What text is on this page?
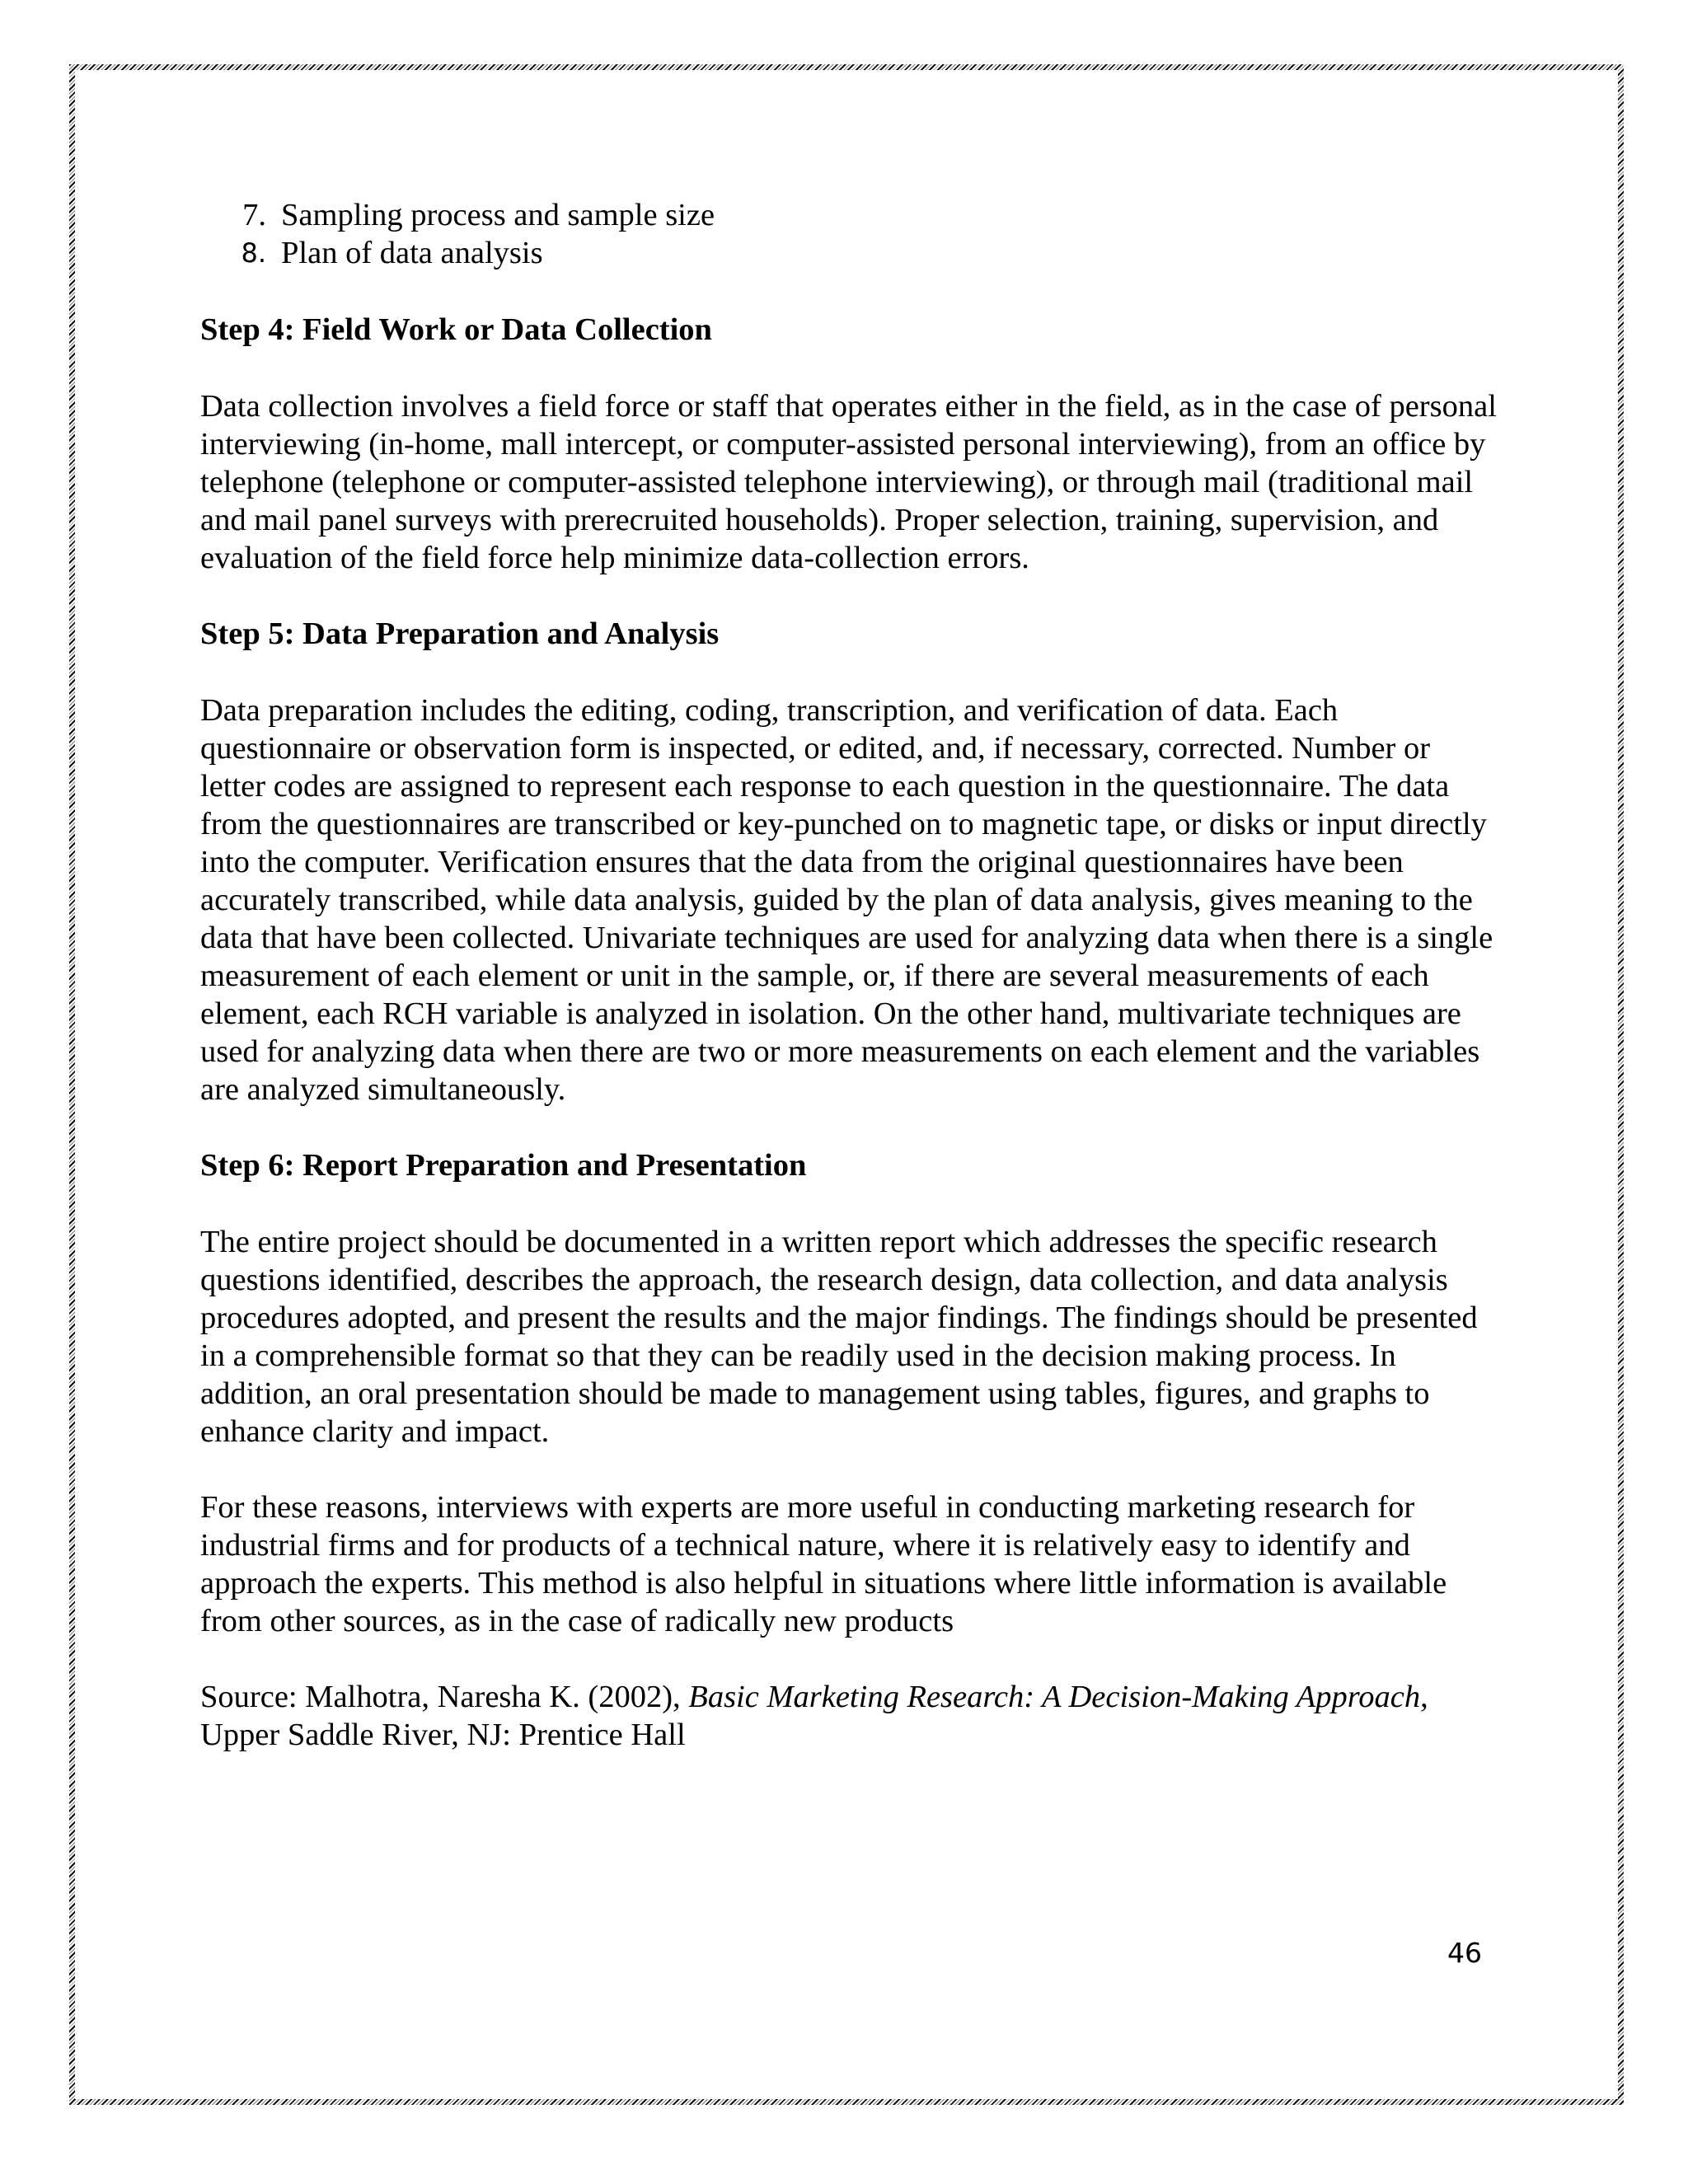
7. Sampling process and sample size
8. Plan of data analysis
Step 4: Field Work or Data Collection

Data collection involves a field force or staff that operates either in the field, as in the case of personal interviewing (in-home, mall intercept, or computer-assisted personal interviewing), from an office by telephone (telephone or computer-assisted telephone interviewing), or through mail (traditional mail and mail panel surveys with prerecruited households). Proper selection, training, supervision, and evaluation of the field force help minimize data-collection errors.

Step 5: Data Preparation and Analysis

Data preparation includes the editing, coding, transcription, and verification of data. Each questionnaire or observation form is inspected, or edited, and, if necessary, corrected. Number or letter codes are assigned to represent each response to each question in the questionnaire. The data from the questionnaires are transcribed or key-punched on to magnetic tape, or disks or input directly into the computer. Verification ensures that the data from the original questionnaires have been accurately transcribed, while data analysis, guided by the plan of data analysis, gives meaning to the data that have been collected. Univariate techniques are used for analyzing data when there is a single measurement of each element or unit in the sample, or, if there are several measurements of each element, each RCH variable is analyzed in isolation. On the other hand, multivariate techniques are used for analyzing data when there are two or more measurements on each element and the variables are analyzed simultaneously.

Step 6: Report Preparation and Presentation

The entire project should be documented in a written report which addresses the specific research questions identified, describes the approach, the research design, data collection, and data analysis procedures adopted, and present the results and the major findings. The findings should be presented in a comprehensible format so that they can be readily used in the decision making process. In addition, an oral presentation should be made to management using tables, figures, and graphs to enhance clarity and impact.

For these reasons, interviews with experts are more useful in conducting marketing research for industrial firms and for products of a technical nature, where it is relatively easy to identify and approach the experts. This method is also helpful in situations where little information is available from other sources, as in the case of radically new products

Source: Malhotra, Naresha K. (2002), Basic Marketing Research: A Decision-Making Approach, Upper Saddle River, NJ: Prentice Hall

46
